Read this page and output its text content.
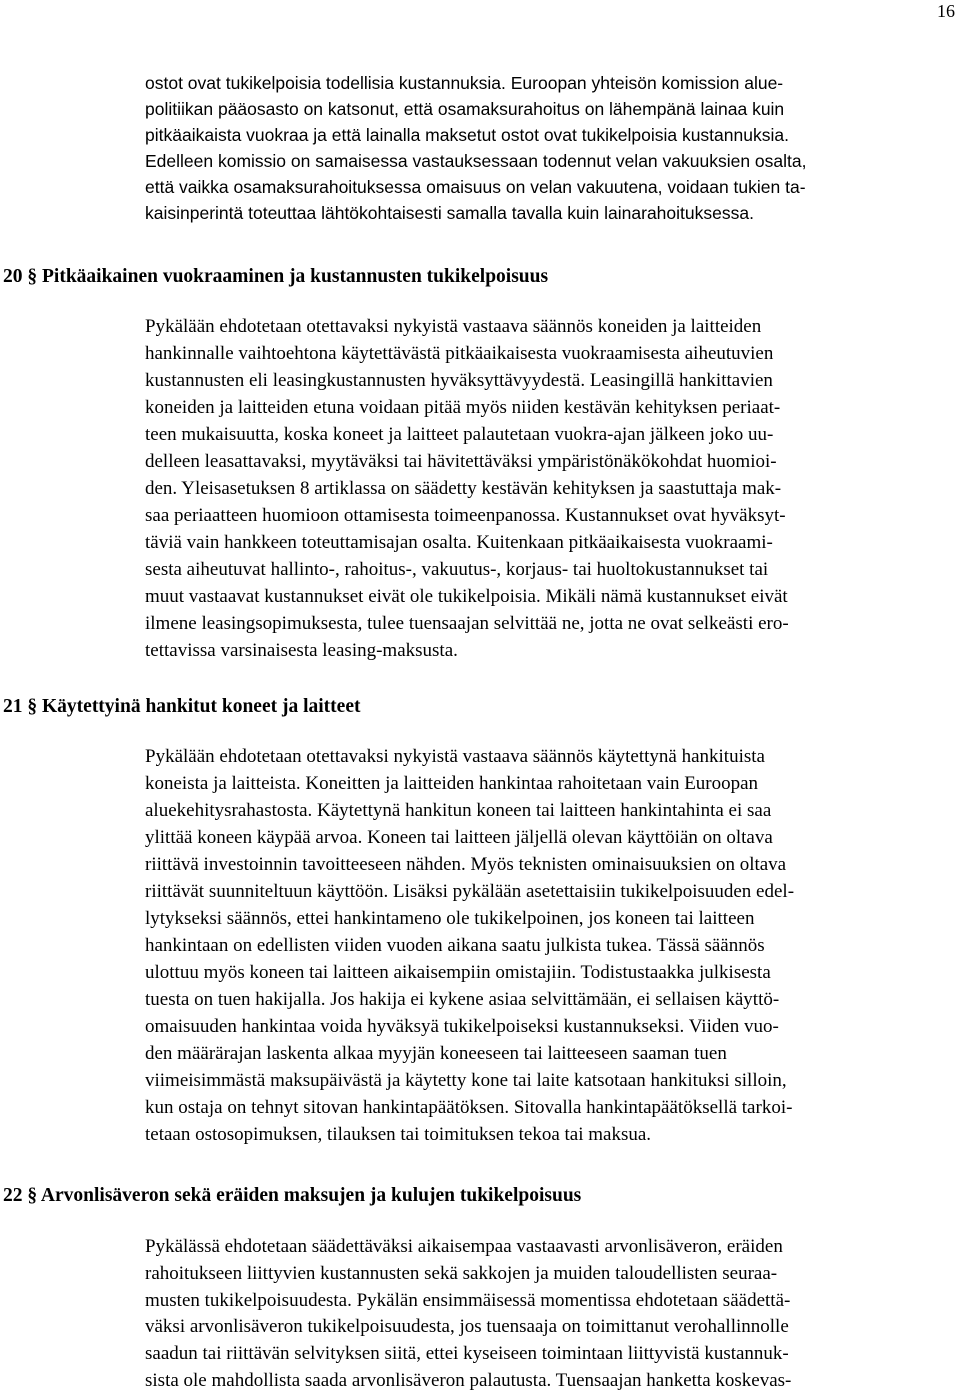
16
ostot ovat tukikelpoisia todellisia kustannuksia. Euroopan yhteisön komission alue-
politiikan pääosasto on katsonut, että osamaksurahoitus on lähempänä lainaa kuin
pitkäaikaista vuokraa ja että lainalla maksetut ostot ovat tukikelpoisia kustannuksia.
Edelleen komissio on samaisessa vastauksessaan todennut velan vakuuksien osalta,
että vaikka osamaksurahoituksessa omaisuus on velan vakuutena, voidaan tukien ta-
kaisinperintä toteuttaa lähtökohtaisesti samalla tavalla kuin lainarahoituksessa.
20 § Pitkäaikainen vuokraaminen ja kustannusten tukikelpoisuus
Pykälään ehdotetaan otettavaksi nykyistä vastaava säännös koneiden ja laitteiden
hankinnalle vaihtoehtona käytettävästä pitkäaikaisesta vuokraamisesta aiheutuvien
kustannusten eli leasingkustannusten hyväksyttävyydestä. Leasingillä hankittavien
koneiden ja laitteiden etuna voidaan pitää myös niiden kestävän kehityksen periaat-
teen mukaisuutta, koska koneet ja laitteet palautetaan vuokra-ajan jälkeen joko uu-
delleen leasattavaksi, myytäväksi tai hävitettäväksi ympäristönäkökohdat huomioi-
den. Yleisasetuksen 8 artiklassa on säädetty kestävän kehityksen ja saastuttaja mak-
saa periaatteen huomioon ottamisesta toimeenpanossa. Kustannukset ovat hyväksyt-
täviä vain hankkeen toteuttamisajan osalta. Kuitenkaan pitkäaikaisesta vuokraami-
sesta aiheutuvat hallinto-, rahoitus-, vakuutus-, korjaus- tai huoltokustannukset tai
muut vastaavat kustannukset eivät ole tukikelpoisia. Mikäli nämä kustannukset eivät
ilmene leasingsopimuksesta, tulee tuensaajan selvittää ne, jotta ne ovat selkeästi ero-
tettavissa varsinaisesta leasing-maksusta.
21 § Käytettyinä hankitut koneet ja laitteet
Pykälään ehdotetaan otettavaksi nykyistä vastaava säännös käytettynä hankituista
koneista ja laitteista. Koneitten ja laitteiden hankintaa rahoitetaan vain Euroopan
aluekehitysrahastosta. Käytettynä hankitun koneen tai laitteen hankintahinta ei saa
ylittää koneen käypää arvoa. Koneen tai laitteen jäljellä olevan käyttöiän on oltava
riittävä investoinnin tavoitteeseen nähden. Myös teknisten ominaisuuksien on oltava
riittävät suunniteltuun käyttöön. Lisäksi pykälään asetettaisiin tukikelpoisuuden edel-
lytykseksi säännös, ettei hankintameno ole tukikelpoinen, jos koneen tai laitteen
hankintaan on edellisten viiden vuoden aikana saatu julkista tukea. Tässä säännös
ulottuu myös koneen tai laitteen aikaisempiin omistajiin. Todistustaakka julkisesta
tuesta on tuen hakijalla. Jos hakija ei kykene asiaa selvittämään, ei sellaisen käyttö-
omaisuuden hankintaa voida hyväksyä tukikelpoiseksi kustannukseksi. Viiden vuo-
den määrärajan laskenta alkaa myyjän koneeseen tai laitteeseen saaman tuen
viimeisimmästä maksupäivästä ja käytetty kone tai laite katsotaan hankituksi silloin,
kun ostaja on tehnyt sitovan hankintapäätöksen. Sitovalla hankintapäätöksellä tarkoi-
tetaan ostosopimuksen, tilauksen tai toimituksen tekoa tai maksua.
22 § Arvonlisäveron sekä eräiden maksujen ja kulujen tukikelpoisuus
Pykälässä ehdotetaan säädettäväksi aikaisempaa vastaavasti arvonlisäveron, eräiden
rahoitukseen liittyvien kustannusten sekä sakkojen ja muiden taloudellisten seuraa-
musten tukikelpoisuudesta. Pykälän ensimmäisessä momentissa ehdotetaan säädettä-
väksi arvonlisäveron tukikelpoisuudesta, jos tuensaaja on toimittanut verohallinnolle
saadun tai riittävän selvityksen siitä, ettei kyseiseen toimintaan liittyvistä kustannuk-
sista ole mahdollista saada arvonlisäveron palautusta. Tuensaajan hanketta koskevas-
